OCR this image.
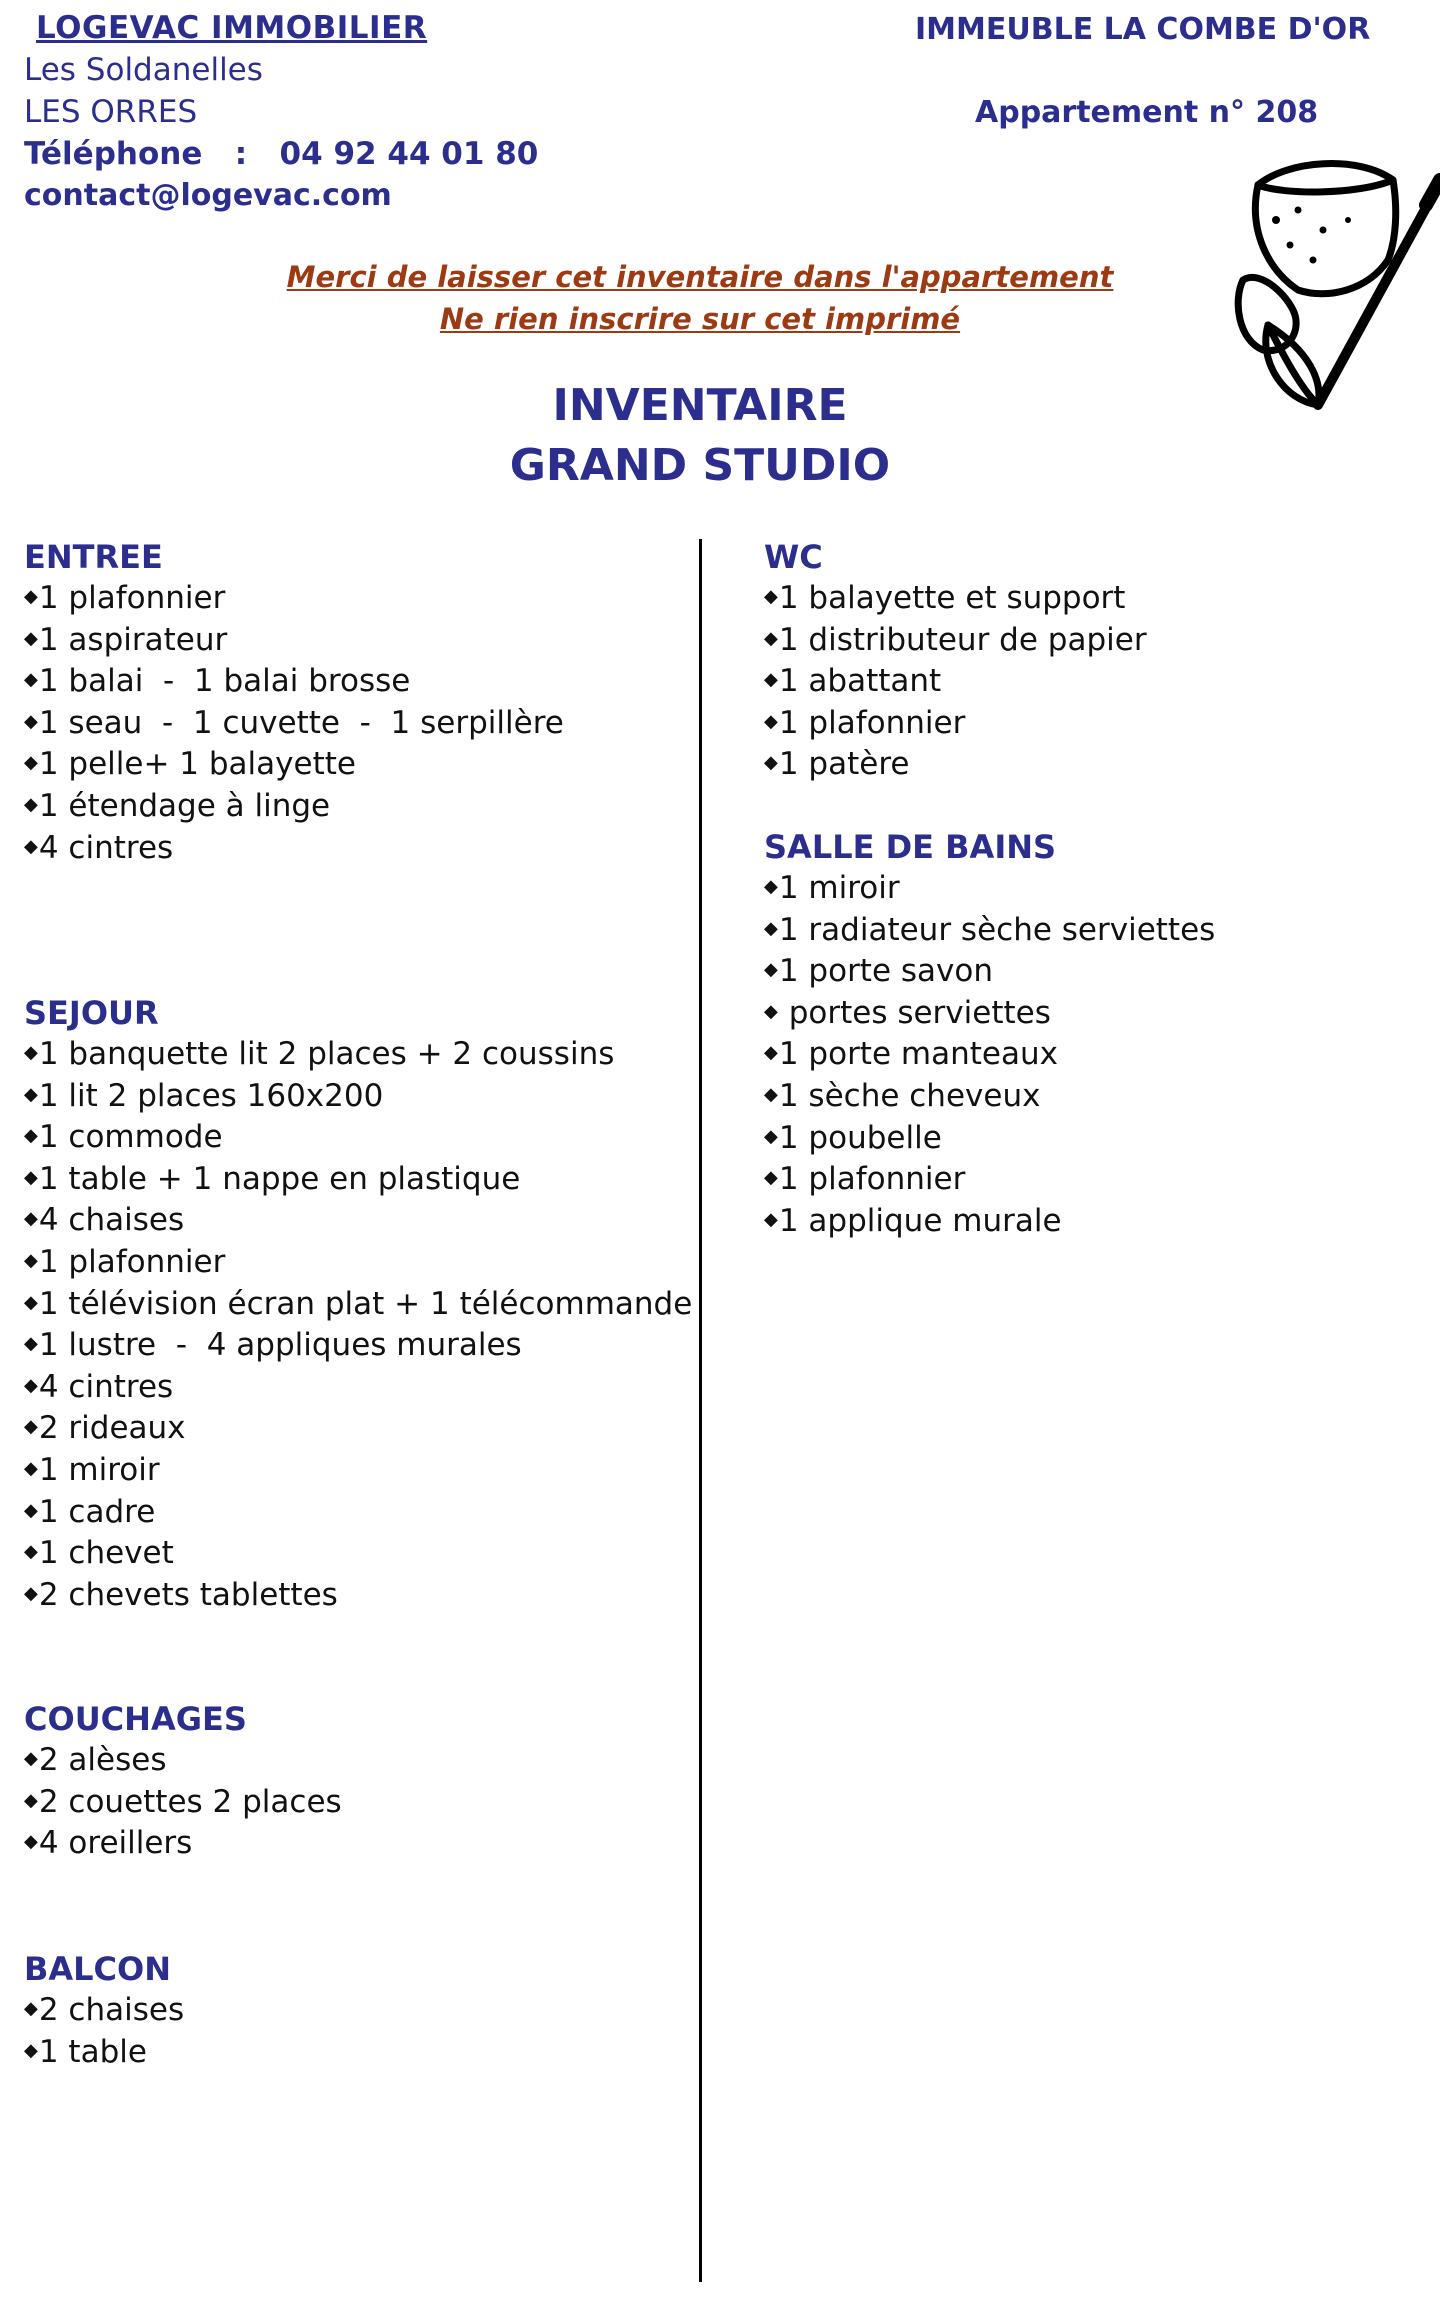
LOGEVAC IMMOBILIER
Les Soldanelles
LES ORRES
Téléphone   :   04 92 44 01 80
contact@logevac.com
IMMEUBLE LA COMBE D'OR
Appartement n° 208
Merci de laisser cet inventaire dans l'appartement
Ne rien inscrire sur cet imprimé
INVENTAIRE
GRAND STUDIO
ENTREE
◆1 plafonnier
◆1 aspirateur
◆1 balai  -  1 balai brosse
◆1 seau  -  1 cuvette  -  1 serpillère
◆1 pelle+ 1 balayette
◆1 étendage à linge
◆4 cintres
SEJOUR
◆1 banquette lit 2 places + 2 coussins
◆1 lit 2 places 160x200
◆1 commode
◆1 table + 1 nappe en plastique
◆4 chaises
◆1 plafonnier
◆1 télévision écran plat + 1 télécommande
◆1 lustre  -  4 appliques murales
◆4 cintres
◆2 rideaux
◆1 miroir
◆1 cadre
◆1 chevet
◆2 chevets tablettes
COUCHAGES
◆2 alèses
◆2 couettes 2 places
◆4 oreillers
BALCON
◆2 chaises
◆1 table
WC
◆1 balayette et support
◆1 distributeur de papier
◆1 abattant
◆1 plafonnier
◆1 patère
SALLE DE BAINS
◆1 miroir
◆1 radiateur sèche serviettes
◆1 porte savon
◆ portes serviettes
◆1 porte manteaux
◆1 sèche cheveux
◆1 poubelle
◆1 plafonnier
◆1 applique murale
